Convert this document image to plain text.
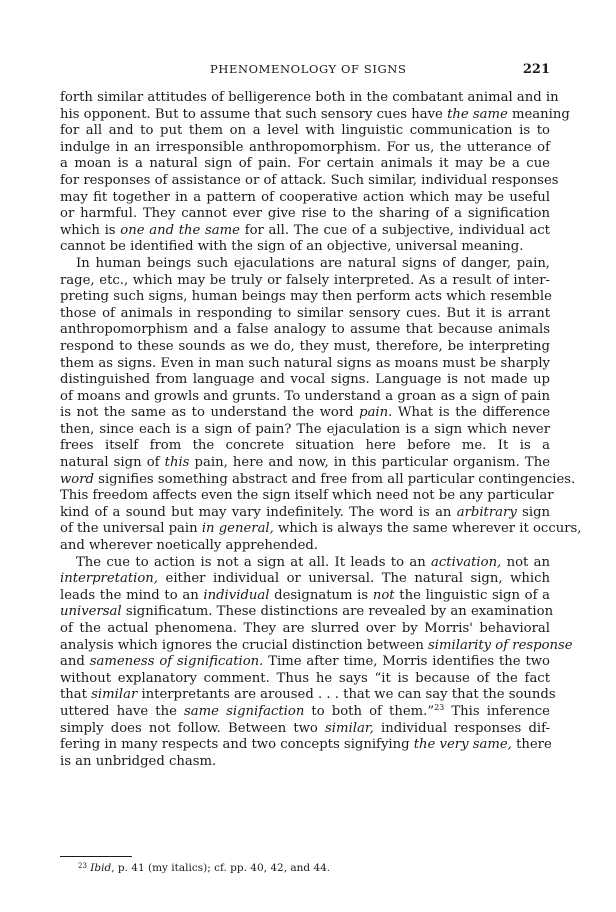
PHENOMENOLOGY OF SIGNS	221
forth similar attitudes of belligerence both in the combatant animal and in
his opponent. But to assume that such sensory cues have the same meaning
for all and to put them on a level with linguistic communication is to
indulge in an irresponsible anthropomorphism. For us, the utterance of
a moan is a natural sign of pain. For certain animals it may be a cue
for responses of assistance or of attack. Such similar, individual responses
may fit together in a pattern of cooperative action which may be useful
or harmful. They cannot ever give rise to the sharing of a signification
which is one and the same for all. The cue of a subjective, individual act
cannot be identified with the sign of an objective, universal meaning.
In human beings such ejaculations are natural signs of danger, pain,
rage, etc., which may be truly or falsely interpreted. As a result of inter-
preting such signs, human beings may then perform acts which resemble
those of animals in responding to similar sensory cues. But it is arrant
anthropomorphism and a false analogy to assume that because animals
respond to these sounds as we do, they must, therefore, be interpreting
them as signs. Even in man such natural signs as moans must be sharply
distinguished from language and vocal signs. Language is not made up
of moans and growls and grunts. To understand a groan as a sign of pain
is not the same as to understand the word pain. What is the difference
then, since each is a sign of pain? The ejaculation is a sign which never
frees itself from the concrete situation here before me. It is a
natural sign of this pain, here and now, in this particular organism. The
word signifies something abstract and free from all particular contingencies.
This freedom affects even the sign itself which need not be any particular
kind of a sound but may vary indefinitely. The word is an arbitrary sign
of the universal pain in general, which is always the same wherever it occurs,
and wherever noetically apprehended.
The cue to action is not a sign at all. It leads to an activation, not an
interpretation, either individual or universal. The natural sign, which
leads the mind to an individual designatum is not the linguistic sign of a
universal significatum. These distinctions are revealed by an examination
of the actual phenomena. They are slurred over by Morris' behavioral
analysis which ignores the crucial distinction between similarity of response
and sameness of signification. Time after time, Morris identifies the two
without explanatory comment. Thus he says “it is because of the fact
that similar interpretants are aroused . . . that we can say that the sounds
uttered have the same signifaction to both of them.”$^{23}$ This inference
simply does not follow. Between two similar, individual responses dif-
fering in many respects and two concepts signifying the very same, there
is an unbridged chasm.
$^{23}$ Ibid, p. 41 (my italics); cf. pp. 40, 42, and 44.
